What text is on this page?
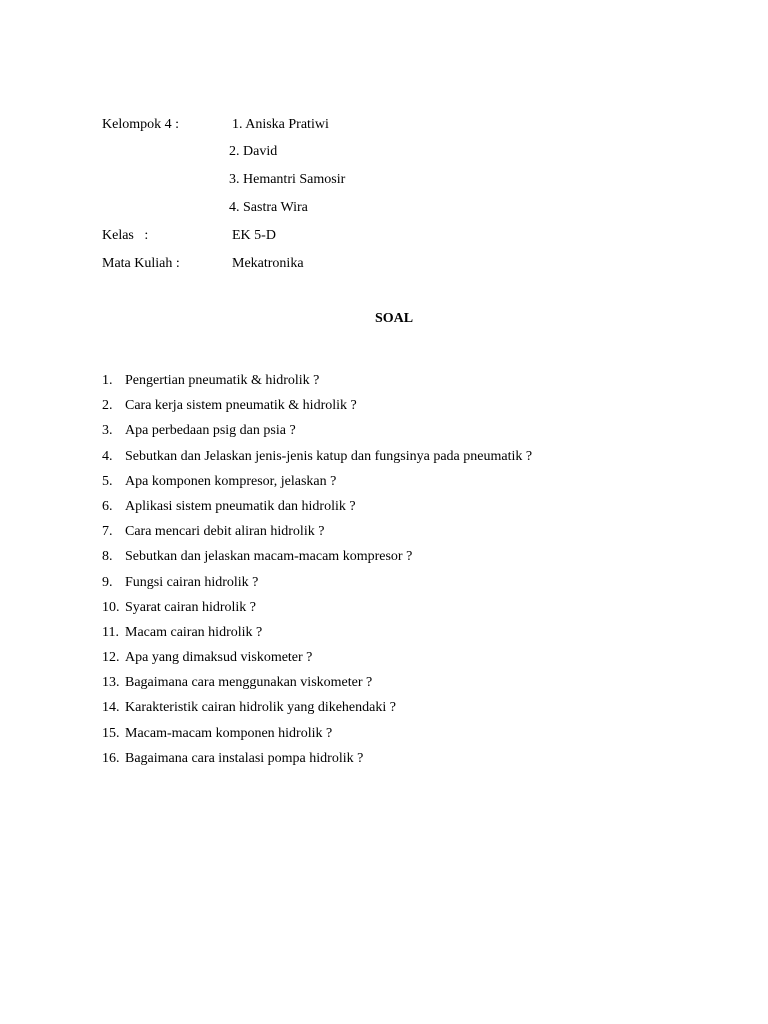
Kelompok 4 :	1. Aniska Pratiwi
2. David
3. Hemantri Samosir
4. Sastra Wira
Kelas   :	EK 5-D
Mata Kuliah :	Mekatronika
SOAL
1. Pengertian pneumatik & hidrolik ?
2. Cara kerja sistem pneumatik & hidrolik ?
3. Apa perbedaan psig dan psia ?
4. Sebutkan dan Jelaskan jenis-jenis katup dan fungsinya pada pneumatik ?
5. Apa komponen kompresor, jelaskan ?
6. Aplikasi sistem pneumatik dan hidrolik ?
7. Cara mencari debit aliran hidrolik ?
8. Sebutkan dan jelaskan macam-macam kompresor ?
9. Fungsi cairan hidrolik ?
10. Syarat cairan hidrolik ?
11. Macam cairan hidrolik ?
12. Apa yang dimaksud viskometer ?
13. Bagaimana cara menggunakan viskometer ?
14. Karakteristik cairan hidrolik yang dikehendaki ?
15. Macam-macam komponen hidrolik ?
16. Bagaimana cara instalasi pompa hidrolik ?
